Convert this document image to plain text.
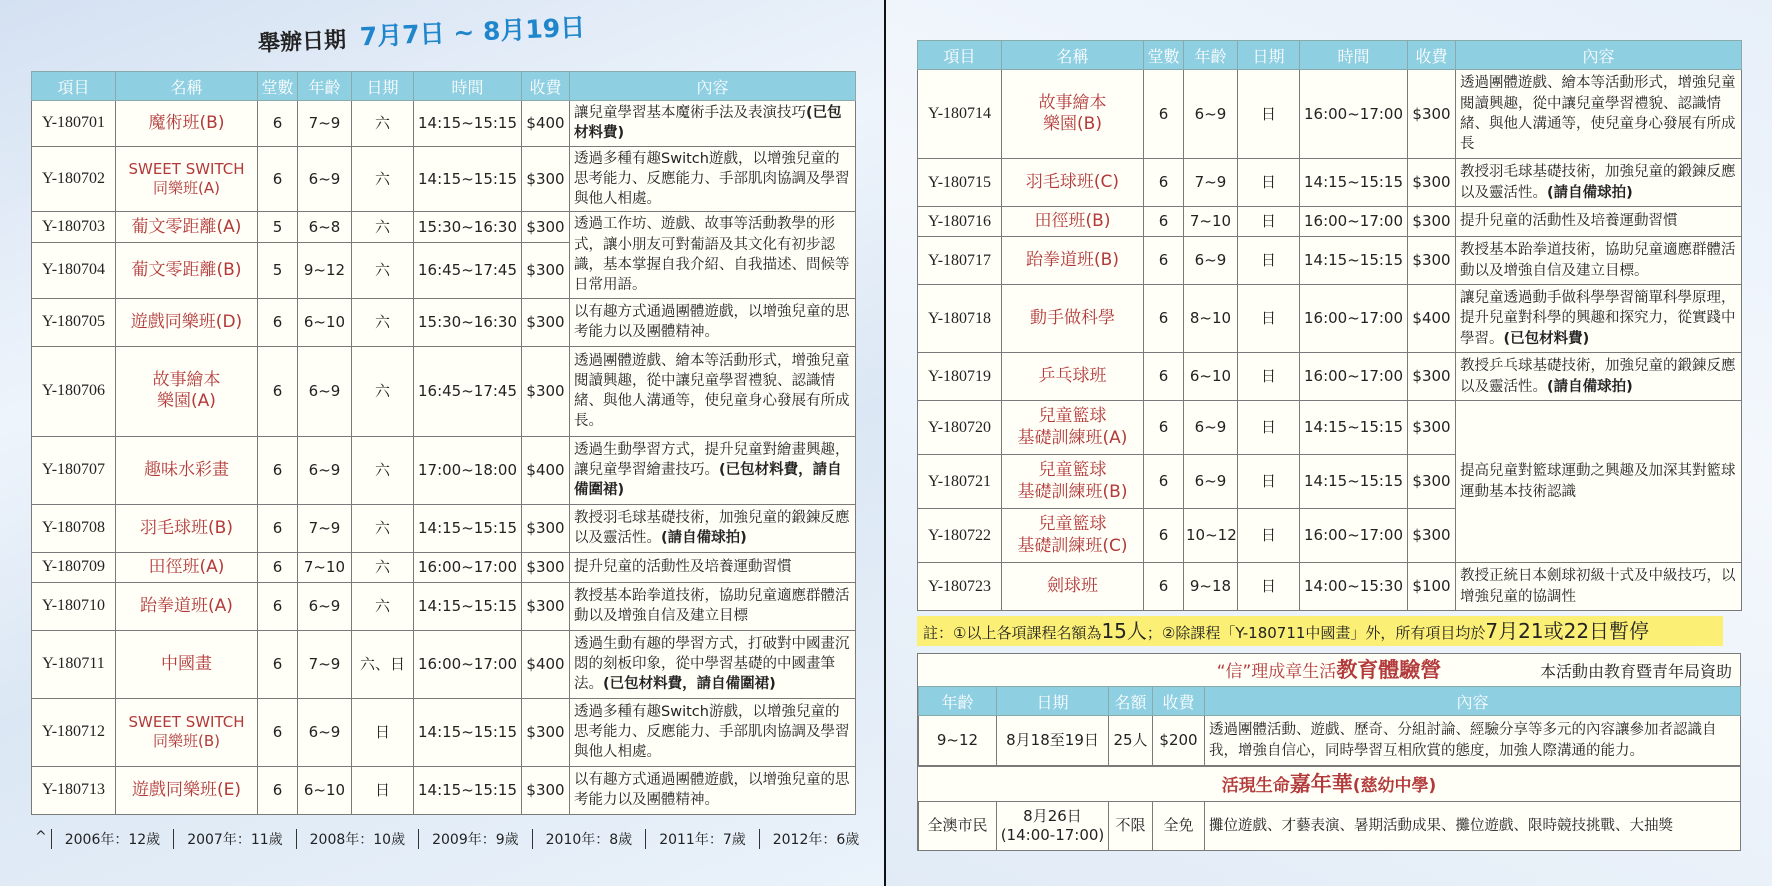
舉辦日期 7月7日 ~ 8月19日
項目	名稱	堂數	年齡	日期	時間	收費	內容
Y-180701	魔術班(B)	6	7~9	六	14:15~15:15	$400	讓兒童學習基本魔術手法及表演技巧(已包材料費)
Y-180702	SWEET SWITCH
同樂班(A)	6	6~9	六	14:15~15:15	$300	透過多種有趣Switch遊戲，以增強兒童的思考能力、反應能力、手部肌肉協調及學習與他人相處。
Y-180703	葡文零距離(A)	5	6~8	六	15:30~16:30	$300	透過工作坊、遊戲、故事等活動教學的形式，讓小朋友可對葡語及其文化有初步認識，基本掌握自我介紹、自我描述、問候等日常用語。
Y-180704	葡文零距離(B)	5	9~12	六	16:45~17:45	$300	
Y-180705	遊戲同樂班(D)	6	6~10	六	15:30~16:30	$300	以有趣方式通過團體遊戲，以增強兒童的思考能力以及團體精神。
Y-180706	故事繪本
樂園(A)	6	6~9	六	16:45~17:45	$300	透過團體遊戲、繪本等活動形式，增強兒童閱讀興趣，從中讓兒童學習禮貌、認識情緒、與他人溝通等，使兒童身心發展有所成長。
Y-180707	趣味水彩畫	6	6~9	六	17:00~18:00	$400	透過生動學習方式，提升兒童對繪畫興趣，讓兒童學習繪畫技巧。(已包材料費，請自備圍裙)
Y-180708	羽毛球班(B)	6	7~9	六	14:15~15:15	$300	教授羽毛球基礎技術，加強兒童的鍛錬反應以及靈活性。(請自備球拍)
Y-180709	田徑班(A)	6	7~10	六	16:00~17:00	$300	提升兒童的活動性及培養運動習慣
Y-180710	跆拳道班(A)	6	6~9	六	14:15~15:15	$300	教授基本跆拳道技術，協助兒童適應群體活動以及增強自信及建立目標
Y-180711	中國畫	6	7~9	六、日	16:00~17:00	$400	透過生動有趣的學習方式，打破對中國畫沉悶的刻板印象，從中學習基礎的中國畫筆法。(已包材料費，請自備圍裙)
Y-180712	SWEET SWITCH
同樂班(B)	6	6~9	日	14:15~15:15	$300	透過多種有趣Switch游戲，以增強兒童的思考能力、反應能力、手部肌肉協調及學習與他人相處。
Y-180713	遊戲同樂班(E)	6	6~10	日	14:15~15:15	$300	以有趣方式通過團體遊戲，以增強兒童的思考能力以及團體精神。
^	2006年：12歲	2007年：11歲	2008年：10歲	2009年：9歲	2010年：8歲	2011年：7歲	2012年：6歲
項目	名稱	堂數	年齡	日期	時間	收費	內容
Y-180714	故事繪本
樂園(B)	6	6~9	日	16:00~17:00	$300	透過團體遊戲、繪本等活動形式，增強兒童閱讀興趣，從中讓兒童學習禮貌、認識情緒、與他人溝通等，使兒童身心發展有所成長
Y-180715	羽毛球班(C)	6	7~9	日	14:15~15:15	$300	教授羽毛球基礎技術，加強兒童的鍛錬反應以及靈活性。(請自備球拍)
Y-180716	田徑班(B)	6	7~10	日	16:00~17:00	$300	提升兒童的活動性及培養運動習慣
Y-180717	跆拳道班(B)	6	6~9	日	14:15~15:15	$300	教授基本跆拳道技術，協助兒童適應群體活動以及增強自信及建立目標。
Y-180718	動手做科學	6	8~10	日	16:00~17:00	$400	讓兒童透過動手做科學學習簡單科學原理，提升兒童對科學的興趣和探究力，從實踐中學習。(已包材料費)
Y-180719	乒乓球班	6	6~10	日	16:00~17:00	$300	教授乒乓球基礎技術，加強兒童的鍛錬反應以及靈活性。(請自備球拍)
Y-180720	兒童籃球
基礎訓練班(A)	6	6~9	日	14:15~15:15	$300	提高兒童對籃球運動之興趣及加深其對籃球運動基本技術認識
Y-180721	兒童籃球
基礎訓練班(B)	6	6~9	日	14:15~15:15	$300	
Y-180722	兒童籃球
基礎訓練班(C)	6	10~12	日	16:00~17:00	$300	
Y-180723	劍球班	6	9~18	日	14:00~15:30	$100	教授正統日本劍球初級十式及中級技巧，以增強兒童的協調性
註：①以上各項課程名額為15人；②除課程「Y-180711中國畫」外，所有項目均於7月21或22日暫停
“信”理成章生活教育體驗營	本活動由教育暨青年局資助
年齡	日期	名額	收費	內容
9~12	8月18至19日	25人	$200	透過團體活動、遊戲、歷奇、分組討論、經驗分享等多元的內容讓參加者認識自我，增強自信心，同時學習互相欣賞的態度，加強人際溝通的能力。
活現生命嘉年華(慈幼中學)
全澳市民	8月26日
(14:00-17:00)	不限	全免	攤位遊戲、才藝表演、暑期活動成果、攤位遊戲、限時競技挑戰、大抽獎
